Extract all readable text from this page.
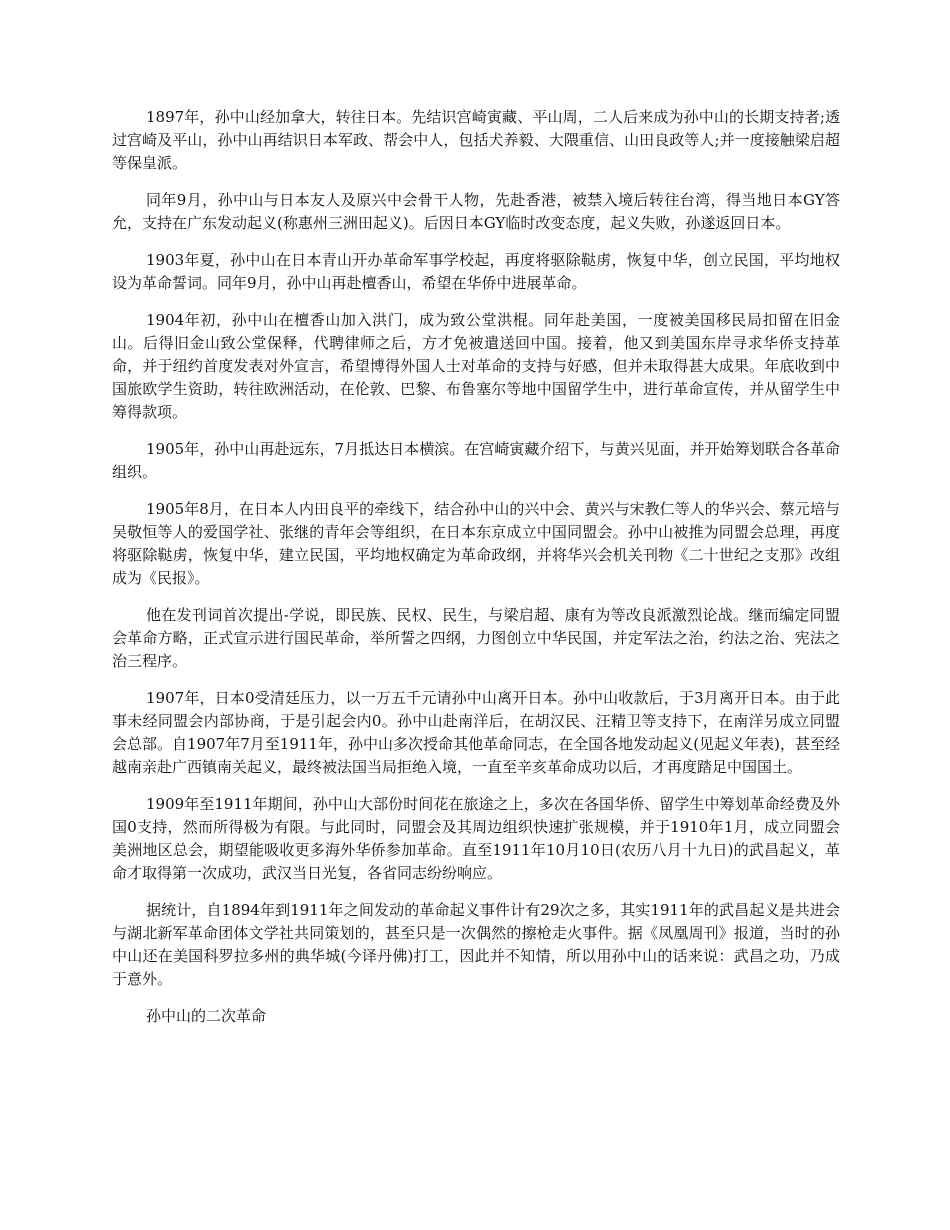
1897年，孙中山经加拿大，转往日本。先结识宫崎寅藏、平山周，二人后来成为孙中山的长期支持者;透过宫崎及平山，孙中山再结识日本军政、帮会中人，包括犬养毅、大隈重信、山田良政等人;并一度接触梁启超等保皇派。

同年9月，孙中山与日本友人及原兴中会骨干人物，先赴香港，被禁入境后转往台湾，得当地日本GY答允，支持在广东发动起义(称惠州三洲田起义)。后因日本GY临时改变态度，起义失败，孙遂返回日本。

1903年夏，孙中山在日本青山开办革命军事学校起，再度将驱除鞑虏，恢复中华，创立民国，平均地权设为革命誓词。同年9月，孙中山再赴檀香山，希望在华侨中进展革命。

1904年初，孙中山在檀香山加入洪门，成为致公堂洪棍。同年赴美国，一度被美国移民局扣留在旧金山。后得旧金山致公堂保释，代聘律师之后，方才免被遣送回中国。接着，他又到美国东岸寻求华侨支持革命，并于纽约首度发表对外宣言，希望博得外国人士对革命的支持与好感，但并未取得甚大成果。年底收到中国旅欧学生资助，转往欧洲活动，在伦敦、巴黎、布鲁塞尔等地中国留学生中，进行革命宣传，并从留学生中筹得款项。

1905年，孙中山再赴远东，7月抵达日本横滨。在宫崎寅藏介绍下，与黄兴见面，并开始筹划联合各革命组织。

1905年8月，在日本人内田良平的牵线下，结合孙中山的兴中会、黄兴与宋教仁等人的华兴会、蔡元培与吴敬恒等人的爱国学社、张继的青年会等组织，在日本东京成立中国同盟会。孙中山被推为同盟会总理，再度将驱除鞑虏，恢复中华，建立民国，平均地权确定为革命政纲，并将华兴会机关刊物《二十世纪之支那》改组成为《民报》。

他在发刊词首次提出-学说，即民族、民权、民生，与梁启超、康有为等改良派激烈论战。继而编定同盟会革命方略，正式宣示进行国民革命，举所誓之四纲，力图创立中华民国，并定军法之治，约法之治、宪法之治三程序。

1907年，日本0受清廷压力，以一万五千元请孙中山离开日本。孙中山收款后，于3月离开日本。由于此事未经同盟会内部协商，于是引起会内0。孙中山赴南洋后，在胡汉民、汪精卫等支持下，在南洋另成立同盟会总部。自1907年7月至1911年，孙中山多次授命其他革命同志，在全国各地发动起义(见起义年表)，甚至经越南亲赴广西镇南关起义，最终被法国当局拒绝入境，一直至辛亥革命成功以后，才再度踏足中国国土。

1909年至1911年期间，孙中山大部份时间花在旅途之上，多次在各国华侨、留学生中筹划革命经费及外国0支持，然而所得极为有限。与此同时，同盟会及其周边组织快速扩张规模，并于1910年1月，成立同盟会美洲地区总会，期望能吸收更多海外华侨参加革命。直至1911年10月10日(农历八月十九日)的武昌起义，革命才取得第一次成功，武汉当日光复，各省同志纷纷响应。

据统计，自1894年到1911年之间发动的革命起义事件计有29次之多，其实1911年的武昌起义是共进会与湖北新军革命团体文学社共同策划的，甚至只是一次偶然的擦枪走火事件。据《凤凰周刊》报道，当时的孙中山还在美国科罗拉多州的典华城(今译丹佛)打工，因此并不知情，所以用孙中山的话来说：武昌之功，乃成于意外。

孙中山的二次革命
